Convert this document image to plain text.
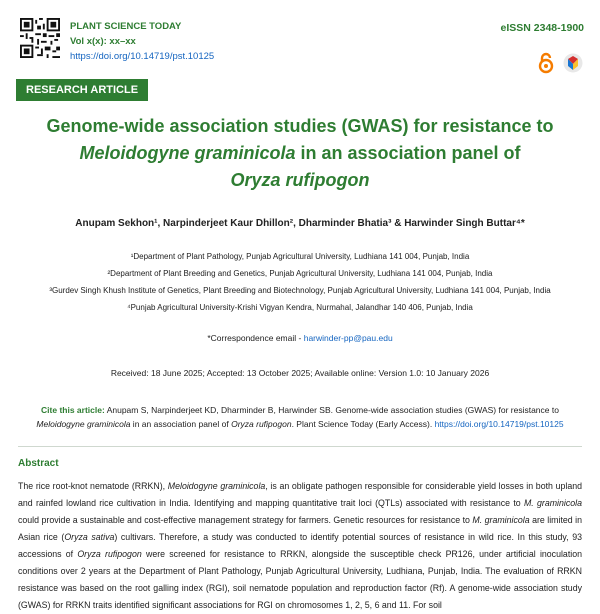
PLANT SCIENCE TODAY
Vol x(x): xx–xx
https://doi.org/10.14719/pst.10125
eISSN 2348-1900
RESEARCH ARTICLE
Genome-wide association studies (GWAS) for resistance to
Meloidogyne graminicola in an association panel of
Oryza rufipogon
Anupam Sekhon¹, Narpinderjeet Kaur Dhillon², Dharminder Bhatia³ & Harwinder Singh Buttar⁴*
¹Department of Plant Pathology, Punjab Agricultural University, Ludhiana 141 004, Punjab, India
²Department of Plant Breeding and Genetics, Punjab Agricultural University, Ludhiana 141 004, Punjab, India
³Gurdev Singh Khush Institute of Genetics, Plant Breeding and Biotechnology, Punjab Agricultural University, Ludhiana 141 004, Punjab, India
⁴Punjab Agricultural University-Krishi Vigyan Kendra, Nurmahal, Jalandhar 140 406, Punjab, India
*Correspondence email - harwinder-pp@pau.edu
Received: 18 June 2025; Accepted: 13 October 2025; Available online: Version 1.0: 10 January 2026
Cite this article: Anupam S, Narpinderjeet KD, Dharminder B, Harwinder SB. Genome-wide association studies (GWAS) for resistance to Meloidogyne graminicola in an association panel of Oryza rufipogon. Plant Science Today (Early Access). https://doi.org/10.14719/pst.10125
Abstract
The rice root-knot nematode (RRKN), Meloidogyne graminicola, is an obligate pathogen responsible for considerable yield losses in both upland and rainfed lowland rice cultivation in India. Identifying and mapping quantitative trait loci (QTLs) associated with resistance to M. graminicola could provide a sustainable and cost-effective management strategy for farmers. Genetic resources for resistance to M. graminicola are limited in Asian rice (Oryza sativa) cultivars. Therefore, a study was conducted to identify potential sources of resistance in wild rice. In this study, 93 accessions of Oryza rufipogon were screened for resistance to RRKN, alongside the susceptible check PR126, under artificial inoculation conditions over 2 years at the Department of Plant Pathology, Punjab Agricultural University, Ludhiana, Punjab, India. The evaluation of RRKN resistance was based on the root galling index (RGI), soil nematode population and reproduction factor (Rf). A genome-wide association study (GWAS) for RRKN traits identified significant associations for RGI on chromosomes 1, 2, 5, 6 and 11. For soil
